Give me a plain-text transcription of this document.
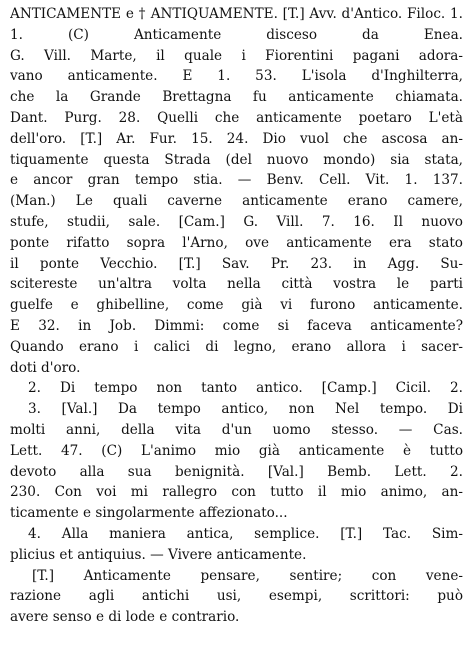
ANTICAMENTE e † ANTIQUAMENTE. [T.] Avv. d'Antico. Filoc. 1. 1. (C) Anticamente disceso da Enea.
G. Vill. Marte, il quale i Fiorentini pagani adora-
vano anticamente. E 1. 53. L'isola d'Inghilterra,
che la Grande Brettagna fu anticamente chiamata.
Dant. Purg. 28. Quelli che anticamente poetaro L'età
dell'oro. [T.] Ar. Fur. 15. 24. Dio vuol che ascosa an-
tiquamente questa Strada (del nuovo mondo) sia stata,
e ancor gran tempo stia. — Benv. Cell. Vit. 1. 137.
(Man.) Le quali caverne anticamente erano camere,
stufe, studii, sale. [Cam.] G. Vill. 7. 16. Il nuovo
ponte rifatto sopra l'Arno, ove anticamente era stato
il ponte Vecchio. [T.] Sav. Pr. 23. in Agg. Su-
scitereste un'altra volta nella città vostra le parti
guelfe e ghibelline, come già vi furono anticamente.
E 32. in Job. Dimmi: come si faceva anticamente?
Quando erano i calici di legno, erano allora i sacer-
doti d'oro.
2. Di tempo non tanto antico. [Camp.] Cicil. 2.
3. [Val.] Da tempo antico, non Nel tempo. Di
molti anni, della vita d'un uomo stesso. — Cas.
Lett. 47. (C) L'animo mio già anticamente è tutto
devoto alla sua benignità. [Val.] Bemb. Lett. 2.
230. Con voi mi rallegro con tutto il mio animo, an-
ticamente e singolarmente affezionato...
4. Alla maniera antica, semplice. [T.] Tac. Sim-
plicius et antiquius. — Vivere anticamente.
[T.] Anticamente pensare, sentire; con vene-
razione agli antichi usi, esempi, scrittori: può
avere senso e di lode e contrario.
